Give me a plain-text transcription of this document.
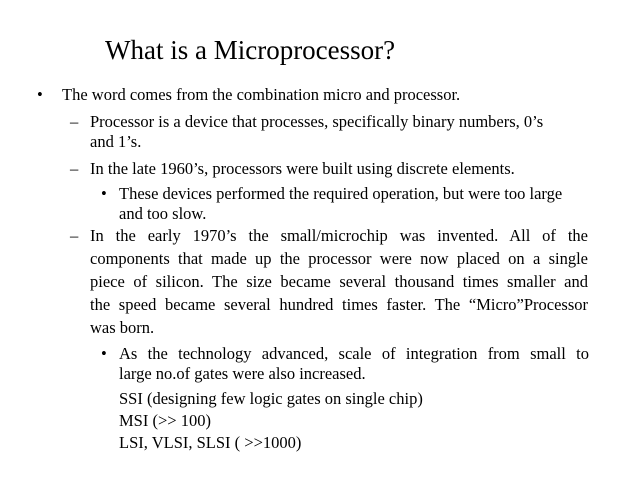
What is a Microprocessor?
• The word comes from the combination micro and processor.
– Processor is a device that processes, specifically binary numbers, 0’s
and 1’s.
– In the late 1960’s, processors were built using discrete elements.
• These devices performed the required operation, but were too large
and too slow.
– In the early 1970’s the small/microchip was invented. All of the
components that made up the processor were now placed on a single
piece of silicon. The size became several thousand times smaller and
the speed became several hundred times faster. The “Micro”Processor
was born.
• As the technology advanced, scale of integration from small to
large no.of gates were also increased.
SSI (designing few logic gates on single chip)
MSI (>> 100)
LSI, VLSI, SLSI ( >>1000)
